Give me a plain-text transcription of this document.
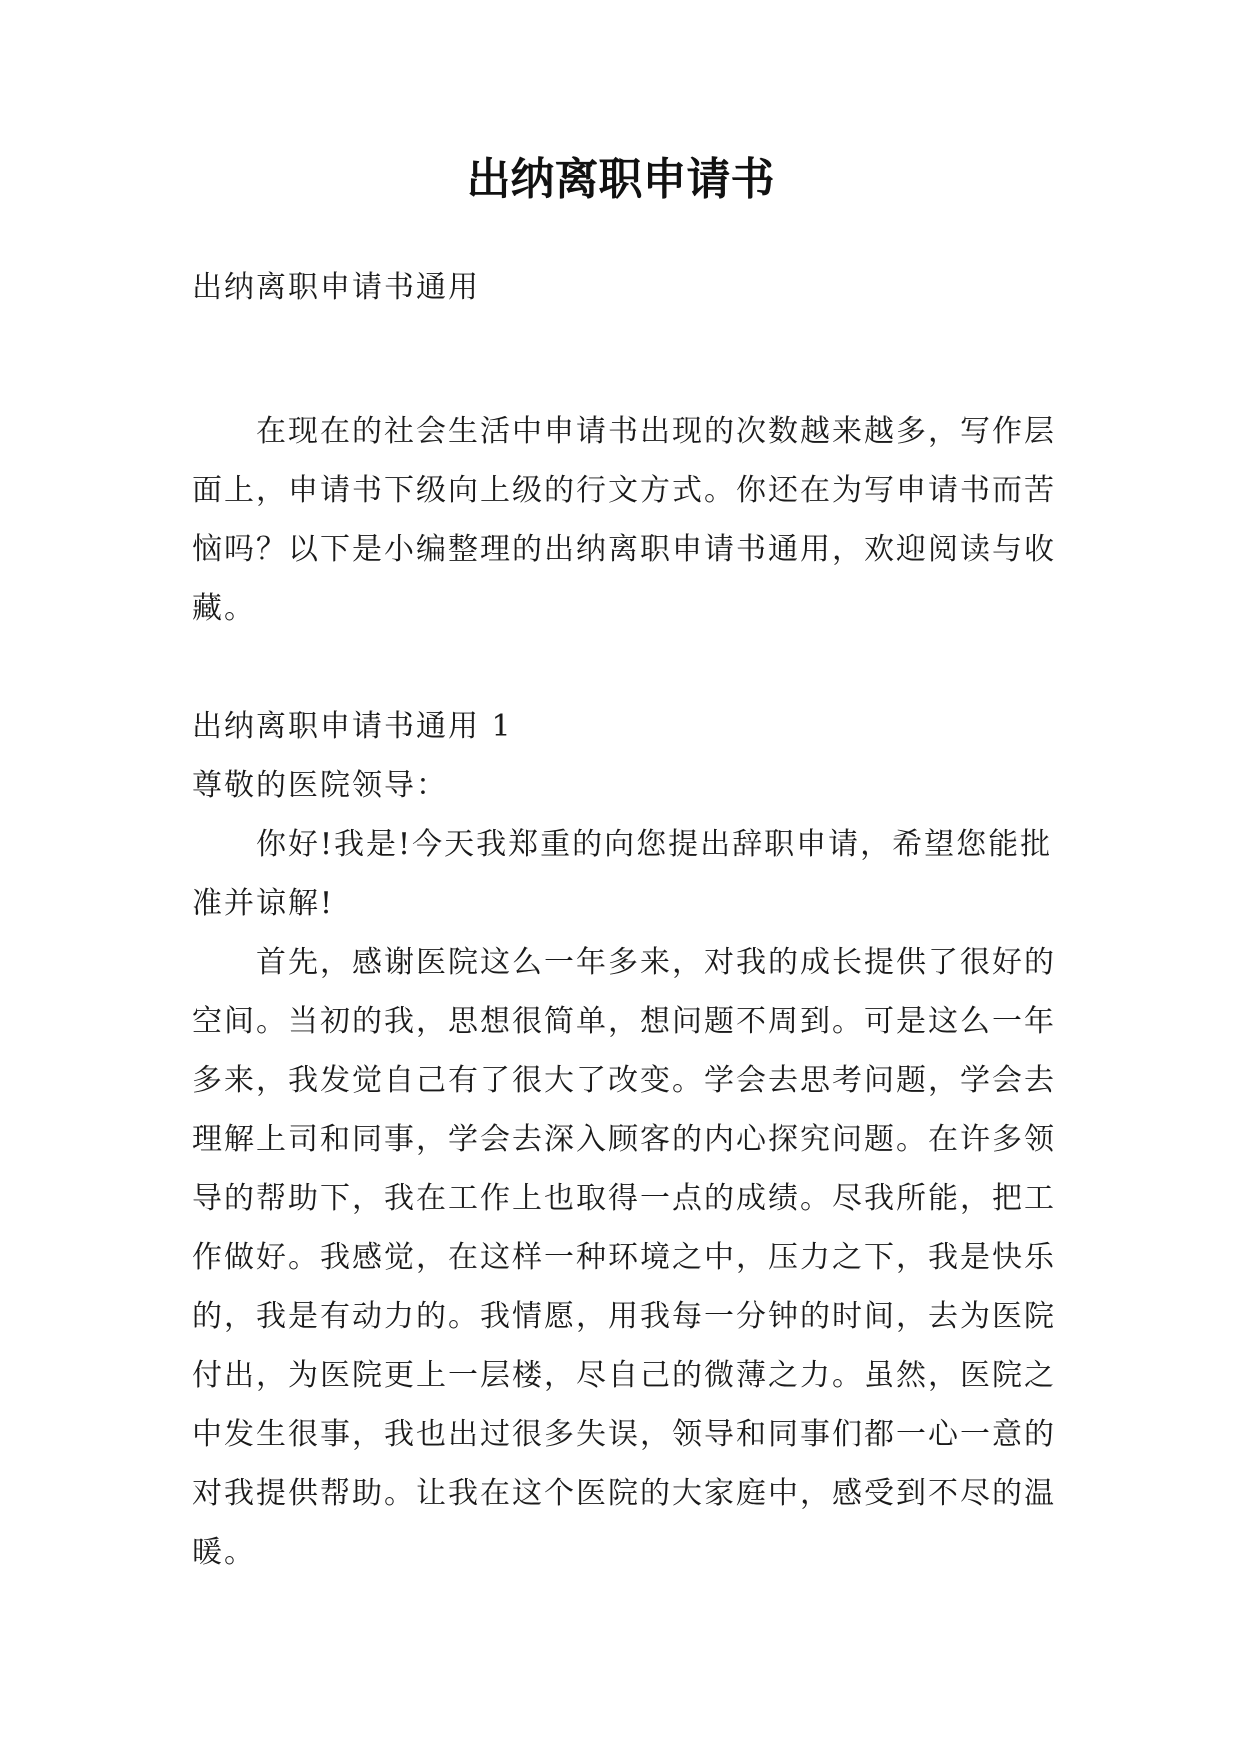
出纳离职申请书
出纳离职申请书通用
在现在的社会生活中申请书出现的次数越来越多，写作层面上，申请书下级向上级的行文方式。你还在为写申请书而苦恼吗？以下是小编整理的出纳离职申请书通用，欢迎阅读与收藏。
出纳离职申请书通用 1
尊敬的医院领导：
你好!我是!今天我郑重的向您提出辞职申请，希望您能批准并谅解!
首先，感谢医院这么一年多来，对我的成长提供了很好的空间。当初的我，思想很简单，想问题不周到。可是这么一年多来，我发觉自己有了很大了改变。学会去思考问题，学会去理解上司和同事，学会去深入顾客的内心探究问题。在许多领导的帮助下，我在工作上也取得一点的成绩。尽我所能，把工作做好。我感觉，在这样一种环境之中，压力之下，我是快乐的，我是有动力的。我情愿，用我每一分钟的时间，去为医院付出，为医院更上一层楼，尽自己的微薄之力。虽然，医院之中发生很事，我也出过很多失误，领导和同事们都一心一意的对我提供帮助。让我在这个医院的大家庭中，感受到不尽的温暖。
